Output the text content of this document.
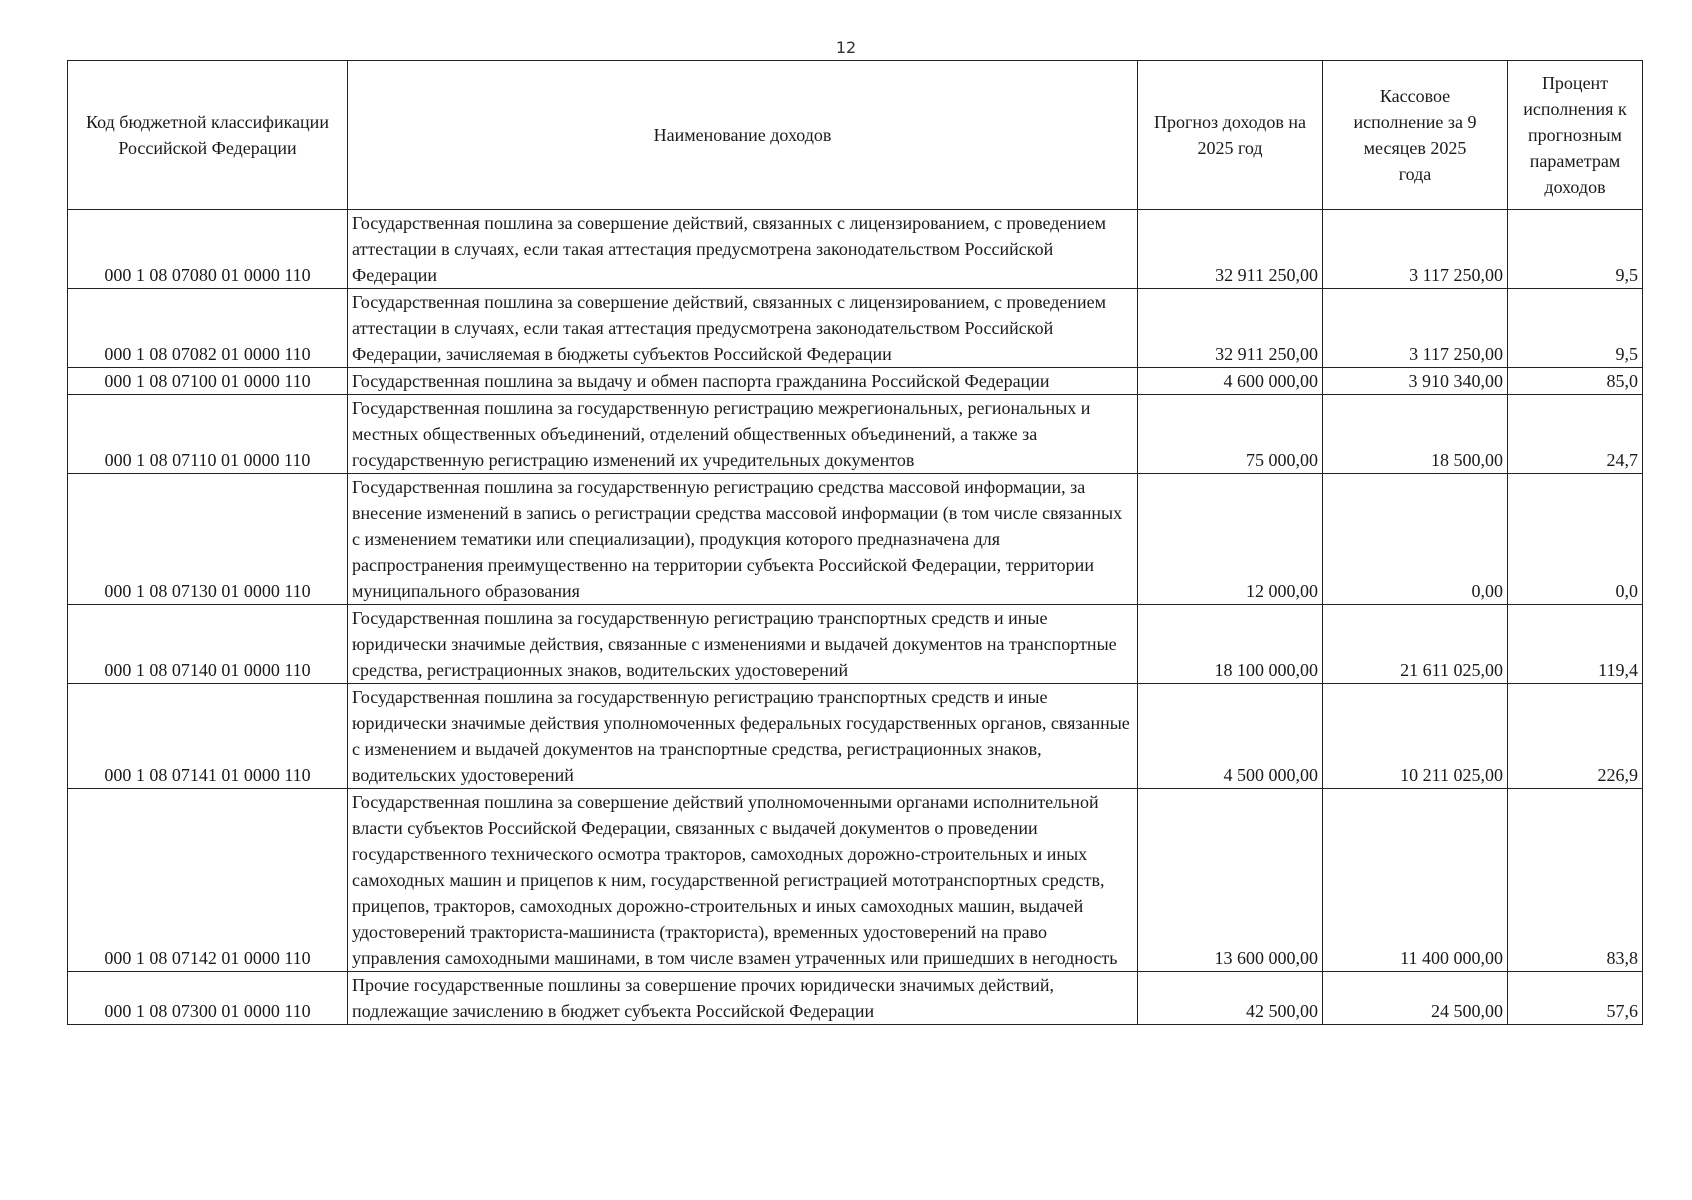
12
Код бюджетной классификации Российской Федерации	Наименование доходов	Прогноз доходов на 2025 год	Кассовое исполнение за 9 месяцев 2025 года	Процент исполнения к прогнозным параметрам доходов
000 1 08 07080 01 0000 110	Государственная пошлина за совершение действий, связанных с лицензированием, с проведением аттестации в случаях, если такая аттестация предусмотрена законодательством Российской Федерации	32 911 250,00	3 117 250,00	9,5
000 1 08 07082 01 0000 110	Государственная пошлина за совершение действий, связанных с лицензированием, с проведением аттестации в случаях, если такая аттестация предусмотрена законодательством Российской Федерации, зачисляемая в бюджеты субъектов Российской Федерации	32 911 250,00	3 117 250,00	9,5
000 1 08 07100 01 0000 110	Государственная пошлина за выдачу и обмен паспорта гражданина Российской Федерации	4 600 000,00	3 910 340,00	85,0
000 1 08 07110 01 0000 110	Государственная пошлина за государственную регистрацию межрегиональных, региональных и местных общественных объединений, отделений общественных объединений, а также за государственную регистрацию изменений их учредительных документов	75 000,00	18 500,00	24,7
000 1 08 07130 01 0000 110	Государственная пошлина за государственную регистрацию средства массовой информации, за внесение изменений в запись о регистрации средства массовой информации (в том числе связанных с изменением тематики или специализации), продукция которого предназначена для распространения преимущественно на территории субъекта Российской Федерации, территории муниципального образования	12 000,00	0,00	0,0
000 1 08 07140 01 0000 110	Государственная пошлина за государственную регистрацию транспортных средств и иные юридически значимые действия, связанные с изменениями и выдачей документов на транспортные средства, регистрационных знаков, водительских удостоверений	18 100 000,00	21 611 025,00	119,4
000 1 08 07141 01 0000 110	Государственная пошлина за государственную регистрацию транспортных средств и иные юридически значимые действия уполномоченных федеральных государственных органов, связанные с изменением и выдачей документов на транспортные средства, регистрационных знаков, водительских удостоверений	4 500 000,00	10 211 025,00	226,9
000 1 08 07142 01 0000 110	Государственная пошлина за совершение действий уполномоченными органами исполнительной власти субъектов Российской Федерации, связанных с выдачей документов о проведении государственного технического осмотра тракторов, самоходных дорожно-строительных и иных самоходных машин и прицепов к ним, государственной регистрацией мототранспортных средств, прицепов, тракторов, самоходных дорожно-строительных и иных самоходных машин, выдачей удостоверений тракториста-машиниста (тракториста), временных удостоверений на право управления самоходными машинами, в том числе взамен утраченных или пришедших в негодность	13 600 000,00	11 400 000,00	83,8
000 1 08 07300 01 0000 110	Прочие государственные пошлины за совершение прочих юридически значимых действий, подлежащие зачислению в бюджет субъекта Российской Федерации	42 500,00	24 500,00	57,6
